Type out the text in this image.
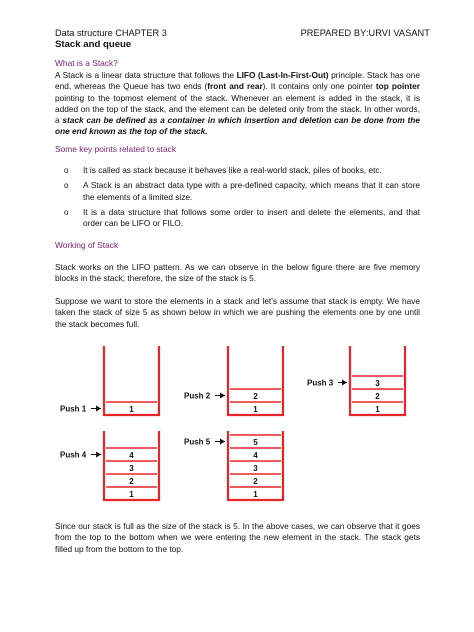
Data structure CHAPTER 3	PREPARED BY:URVI VASANT
Stack and queue
What is a Stack?
A Stack is a linear data structure that follows the LIFO (Last-In-First-Out) principle. Stack has one end, whereas the Queue has two ends (front and rear). It contains only one pointer top pointer pointing to the topmost element of the stack. Whenever an element is added in the stack, it is added on the top of the stack, and the element can be deleted only from the stack. In other words, a stack can be defined as a container in which insertion and deletion can be done from the one end known as the top of the stack.
Some key points related to stack
o It is called as stack because it behaves like a real-world stack, piles of books, etc.
o A Stack is an abstract data type with a pre-defined capacity, which means that it can store the elements of a limited size.
o It is a data structure that follows some order to insert and delete the elements, and that order can be LIFO or FILO.
Working of Stack
Stack works on the LIFO pattern. As we can observe in the below figure there are five memory blocks in the stack; therefore, the size of the stack is 5.
Suppose we want to store the elements in a stack and let's assume that stack is empty. We have taken the stack of size 5 as shown below in which we are pushing the elements one by one until the stack becomes full.
1
Push 1	1
2
Push 2
1
2
3
Push 3
1
2
3
4
Push 4
1
2
3
4
5
Push 5
Since our stack is full as the size of the stack is 5. In the above cases, we can observe that it goes from the top to the bottom when we were entering the new element in the stack. The stack gets filled up from the bottom to the top.
